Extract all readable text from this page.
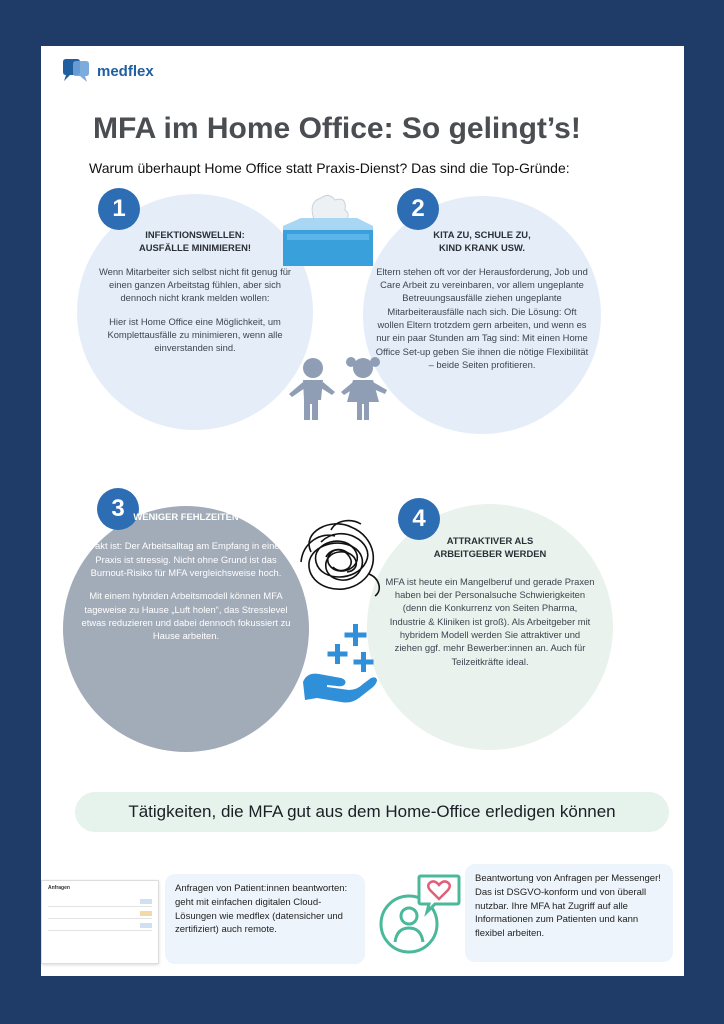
medflex
MFA im Home Office: So gelingt’s!

Warum überhaupt Home Office statt Praxis-Dienst? Das sind die Top-Gründe:

1	2
3	4
INFEKTIONSWELLEN:
AUSFÄLLE MINIMIEREN!

Wenn Mitarbeiter sich selbst nicht fit genug für einen ganzen Arbeitstag fühlen, aber sich dennoch nicht krank melden wollen:

Hier ist Home Office eine Möglichkeit, um Komplettausfälle zu minimieren, wenn alle einverstanden sind.

KITA ZU, SCHULE ZU,
KIND KRANK USW.

Eltern stehen oft vor der Herausforderung, Job und Care Arbeit zu vereinbaren, vor allem ungeplante Betreuungsausfälle ziehen ungeplante Mitarbeiterausfälle nach sich. Die Lösung: Oft wollen Eltern trotzdem gern arbeiten, und wenn es nur ein paar Stunden am Tag sind: Mit einen Home Office Set-up geben Sie ihnen die nötige Flexibilität – beide Seiten profitieren.

WENIGER FEHLZEITEN

Fakt ist: Der Arbeitsalltag am Empfang in einer Praxis ist stressig. Nicht ohne Grund ist das Burnout-Risiko für MFA vergleichsweise hoch.

Mit einem hybriden Arbeitsmodell können MFA tageweise zu Hause „Luft holen“, das Stresslevel etwas reduzieren und dabei dennoch fokussiert zu Hause arbeiten.

ATTRAKTIVER ALS
ARBEITGEBER WERDEN

MFA ist heute ein Mangelberuf und gerade Praxen haben bei der Personalsuche Schwierigkeiten (denn die Konkurrenz von Seiten Pharma, Industrie & Kliniken ist groß). Als Arbeitgeber mit hybridem Modell werden Sie attraktiver und ziehen ggf. mehr Bewerber:innen an. Auch für Teilzeitkräfte ideal.

Tätigkeiten, die MFA gut aus dem Home-Office erledigen können
Anfragen	Anfragen von Patient:innen beantworten: geht mit einfachen digitalen Cloud-Lösungen wie medflex (datensicher und zertifiziert) auch remote.
Beantwortung von Anfragen per Messenger! Das ist DSGVO-konform und von überall nutzbar. Ihre MFA hat Zugriff auf alle Informationen zum Patienten und kann flexibel arbeiten.
